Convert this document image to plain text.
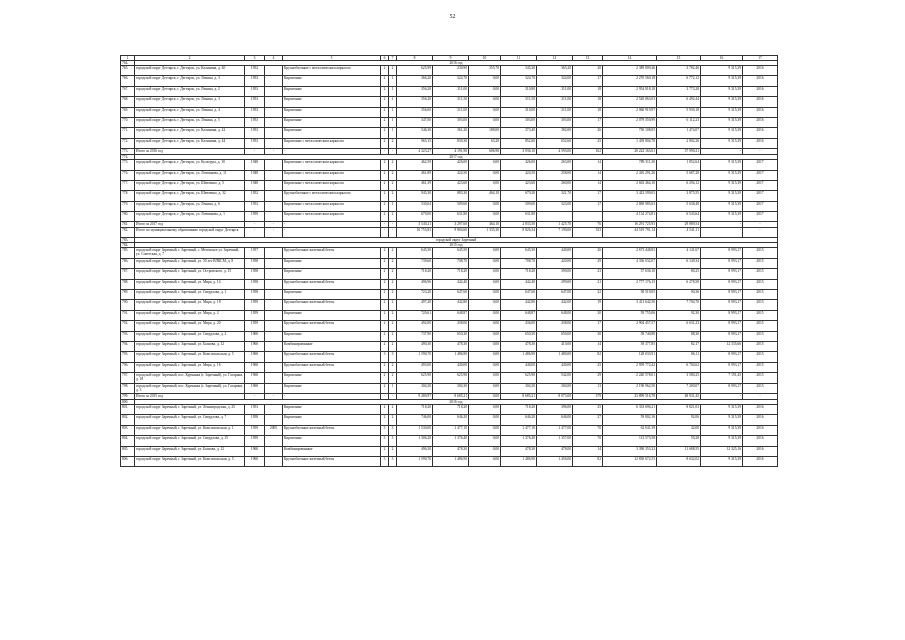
52
1	2	3	4	5	6	7	8	9	10	11	12	13	14	15	16	17
764.	2016 год															
765.	городской округ Дегтярск, г. Дегтярск, ул. Калинина, д. 40	1952		Крупноблочные с металлическим каркасом	2	2	625,99	230,90	355,70	345,20	365,20	20	2 389 809,46	3 782,46	9 315,39	2016
766.	городской округ Дегтярск, г. Дегтярск, ул. Ленина, д. 3	1953		Кирпичные	2	1	366,20	324,70	0,00	324,70	324,00	17	2 270 560,18	6 772,12	9 315,39	2016
767.	городской округ Дегтярск, г. Дегтярск, ул. Ленина, д. 2	1953		Кирпичные	2	1	356,20	311,00	0,00	310,80	311,00	18	2 954 018,18	3 773,28	9 315,39	2016
768.	городской округ Дегтярск, г. Дегтярск, ул. Ленина, д. 3	1953		Кирпичные	2	1	356,20	311,50	0,00	311,50	311,00	18	2 520 863,03	6 492,44	9 315,39	2016
769.	городской округ Дегтярск, г. Дегтярск, ул. Ленина, д. 4	1953		Кирпичные	2	1	356,00	311,00	0,00	310,00	311,00	18	2 060 919,97	5 930,18	9 315,39	2016
770.	городской округ Дегтярск, г. Дегтярск, ул. Ленина, д. 5	1953		Кирпичные	2	1	347,00	303,00	0,00	303,00	303,00	17	2 079 350,99	6 112,23	9 315,39	2016
771.	городской округ Дегтярск, г. Дегтярск, ул. Калинина, д. 42	1953		Кирпичные	2	1	546,30	361,20	188,00	373,40	382,00	26	750 108,05	1 474,07	9 315,39	2016
772.	городской округ Дегтярск, г. Дегтярск, ул. Калинина, д. 44	1953		Кирпичные с металлическим каркасом	2	2	965,15	830,30	63,20	852,60	652,60	25	1 439 804,78	2 802,26	9 315,39	2016
773.	Итого за 2016 год	-	-	-	-	-	4 323,27	4 191,90	606,90	3 936,10	4 593,00	162	20 222 163,61	37 990,21	-	-
774.	2017 год															
775.	городской округ Дегтярск, г. Дегтярск, ул. Культуры, д. 10	1948		Кирпичные с металлическим каркасом	2	2	462,59	426,00	0,00	426,00	263,00	14	789 311,30	1 852,64	9 315,39	2017
776.	городской округ Дегтярск, г. Дегтярск, ул. Литвинова, д. 11	1948		Кирпичные с металлическим каркасом	2	2	461,89	424,50	0,00	424,50	258,00	14	2 416 291,26	5 687,20	9 315,39	2017
777.	городской округ Дегтярск, г. Дегтярск, ул. Шевченко, д. 5	1948		Кирпичные с металлическим каркасом	2	2	461,39	423,60	0,00	423,60	260,00	14	2 663 464,10	6 294,12	9 315,39	2017
778.	городской округ Дегтярск, г. Дегтярск, ул. Шевченко, д. 32	1952		Крупноблочные с металлическим каркасом	2	2	945,30	883,30	464,10	679,20	321,70	17	3 423 599,03	3 875,55	9 315,39	2017
779.	городской округ Дегтярск, г. Дегтярск, ул. Ленина, д. 6	1953		Кирпичные с металлическим каркасом	2	1	530,04	509,60	0,00	509,60	323,00	17	2 869 985,63	5 638,48	9 315,39	2017
780.	городской округ Дегтярск, г. Дегтярск, ул. Литвинова, д. 1	1959		Кирпичные с металлическим каркасом	2	2	679,00	631,80	0,00	631,80			4 134 274,81	6 543,64	9 315,39	2017
781.	Итого за 2017 год	-	-	-	-	-	3 540,21	3 297,60	464,10	2 833,50	1 425,70	76	16 291 725,93	29 889,54	-	-
782.	Итого по муниципальному образованию городской округ Дегтярск	-	-	-	-	-	10 755,83	9 804,60	1 335,30	8 826,34	7 190,00	333	44 519 791,14	4 541,11	-	-
783.	городской округ Заречный															
784.	2015 год															
785.	городской округ Заречный, г. Заречный, с. Мезенское ул. Заречный, ул. Советская, д. 7	1957		Крупноблочные железный бетон	2	2	645,30	645,50	0,00	645,50	440,00	26	2 673 448,83	4 141,67	8 993,17	2015
786.	городской округ Заречный, г. Заречный, ул. 50 лет ВЛКСМ, д. 8	1958		Кирпичные	2	2	739,60	708,70	0,00	708,70	420,00	29	4 336 032,07	6 149,34	8 993,17	2015
787.	городской округ Заречный, г. Заречный, ул. Островского, д. 15	1958		Кирпичные	2	2	718,20	718,20	0,00	718,20	390,00	23	57 636,10	80,25	8 993,17	2015
788.	городской округ Заречный, г. Заречный, ул. Мира, д. 14	1958		Крупноблочные железный бетон	2	2	496,96	442,40	0,00	442,40	299,00	21	2 777 176,15	6 278,58	8 993,17	2015
789.	городской округ Заречный, г. Заречный, ул. Свердлова, д. 1	1958		Кирпичные	2	2	723,20	647,60	0,00	647,60	647,00	22	58 519,05	90,36	8 993,17	2015
790.	городской округ Заречный, г. Заречный, ул. Мира, д. 18	1959		Крупноблочные железный бетон	2	2	497,20	442,80	0,00	442,80	442,00	19	3 411 642,50	7 704,70	8 993,17	2015
791.	городской округ Заречный, г. Заречный, ул. Мира, д. 2	1959		Кирпичные	2	2	720,61	648,87	0,00	648,87	648,00	20	59 755,06	92,30	8 993,17	2015
792.	городской округ Заречный, г. Заречный, ул. Мира, д. 20	1959		Крупноблочные железный бетон	2	2	492,00	438,00	0,00	436,00	438,00	17	2 904 457,57	6 631,23	8 993,17	2015
793.	городской округ Заречный, г. Заречный, ул. Свердлова, д. 2	1960		Кирпичные	2	2	737,90	650,30	0,00	650,30	650,00	30	58 740,88	88,30	8 993,17	2015
794.	городской округ Заречный, г. Заречный, ул. Балкова, д. 12	1960		Комбинированные	2	2	490,30	478,30	0,00	478,30	410,00	14	39 377,85	82,17	12 335,66	2015
795.	городской округ Заречный, г. Заречный, ул. Комсомольская, д. 5	1960		Крупноблочные железный бетон	3	3	1 590,70	1 486,90	0,00	1 486,90	1 480,00	82	128 033,91	86,11	8 993,17	2015
796.	городской округ Заречный, г. Заречный, ул. Мира, д. 16	1960		Крупноблочные железный бетон	2	2	493,00	440,00	0,00	440,00	440,00	25	2 959 772,42	6 704,62	8 993,17	2015
797.	городской округ Заречный, пос. Курманка (г. Заречный), ул. Гагарина, д. 18	1960		Кирпичные	2	2	625,90	625,90	0,00	625,90	542,00	29	2 240 578,01	3 580,25	7 191,45	2015
798.	городской округ Заречный, пос. Курманка (г. Заречный), ул. Гагарина, д. 3	1960		Кирпичные	2	1	304,30	304,30	0,00	304,30	304,00	13	2 190 962,50	7 200,07	8 993,17	2015
799.	Итого за 2015 год	-	-	-	-	-	9 280,97	8 685,21	0,00	8 685,21	8 073,00	379	23 899 516,78	48 931,45	-	-
800.	2016 год															
801.	городской округ Заречный, г. Заречный, ул. Ленинградская, д. 25	1953		Кирпичные	2	2	718,20	718,20	0,00	718,20	396,00	25	6 333 696,21	8 821,03	9 315,39	2016
802.	городской округ Заречный, г. Заречный, ул. Свердлова, д. 7	1958		Кирпичные	2	2	746,00	646,20	0,00	646,20	646,00	27	59 802,16	92,06	9 315,39	2016
803.	городской округ Заречный, г. Заречный, ул. Комсомольская, д. 1	1959	2005	Крупноблочные железный бетон	3	3	1 530,00	1 477,10	0,00	1 477,10	1 477,00	70	62 041,39	42,00	9 315,39	2016
804.	городской округ Заречный, г. Заречный, ул. Свердлова, д. 15	1959		Кирпичные	3	3	1 306,20	1 376,40	0,00	1 376,40	1 357,00	70	113 573,58	59,28	9 315,39	2016
805.	городской округ Заречный, г. Заречный, ул. Балкова, д. 12	1960		Комбинированные	2	2	496,30	478,30	0,00	478,30	478,00	14	3 390 353,32	11 688,55	12 325,16	2016
806.	городской округ Заречный, г. Заречный, ул. Комсомольская, д. 5	1960		Крупноблочные железный бетон	3	3	1 590,70	1 486,90	0,00	1 486,90	1 456,00	82	12 830 672,55	8 632,02	9 315,39	2016
